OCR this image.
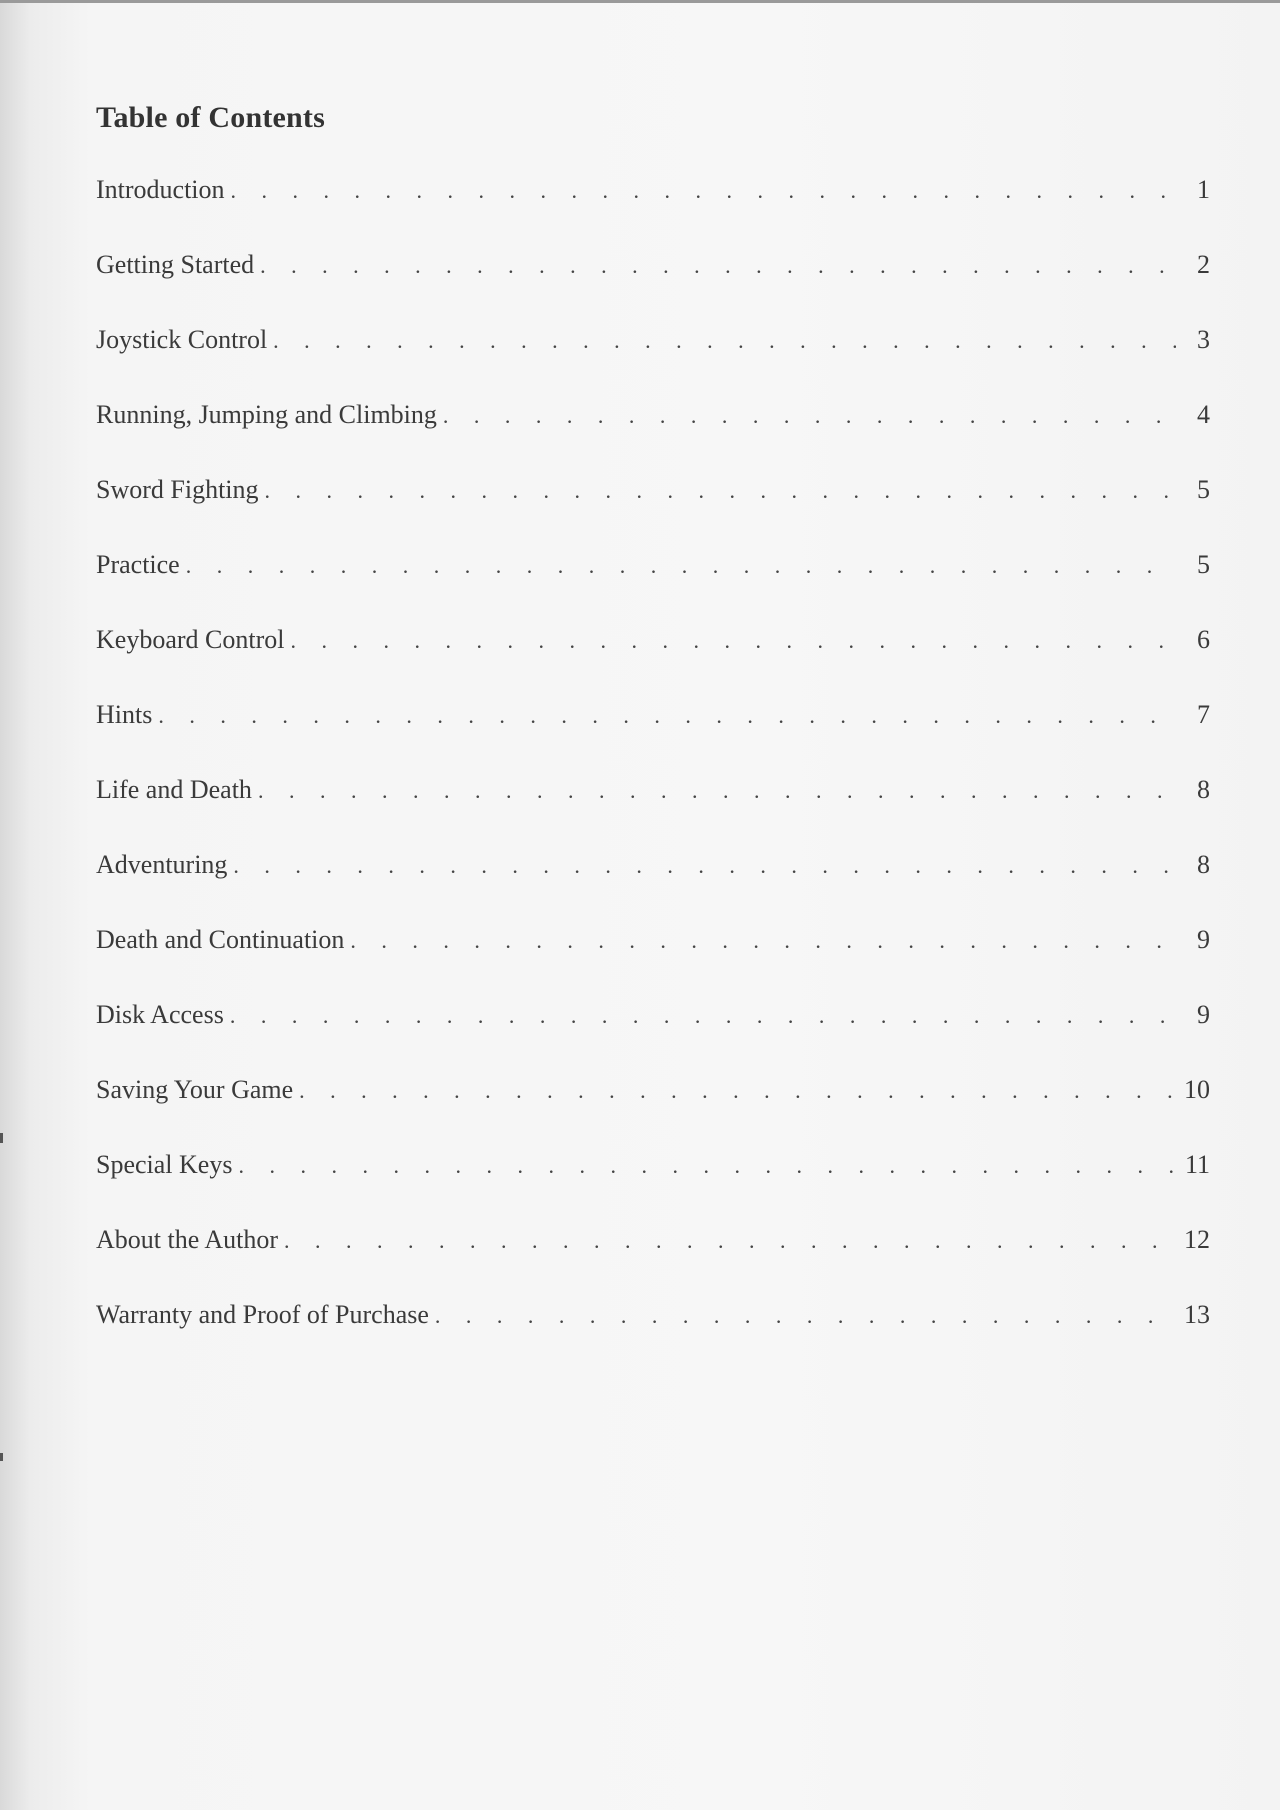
Table of Contents
Introduction . . .	1
Getting Started . . .	2
Joystick Control . . .	3
Running, Jumping and Climbing . . .	4
Sword Fighting . . .	5
Practice . . .	5
Keyboard Control . . .	6
Hints . . .	7
Life and Death . . .	8
Adventuring . . .	8
Death and Continuation . . .	9
Disk Access . . .	9
Saving Your Game . . .	10
Special Keys . . .	11
About the Author . . .	12
Warranty and Proof of Purchase . . .	13
